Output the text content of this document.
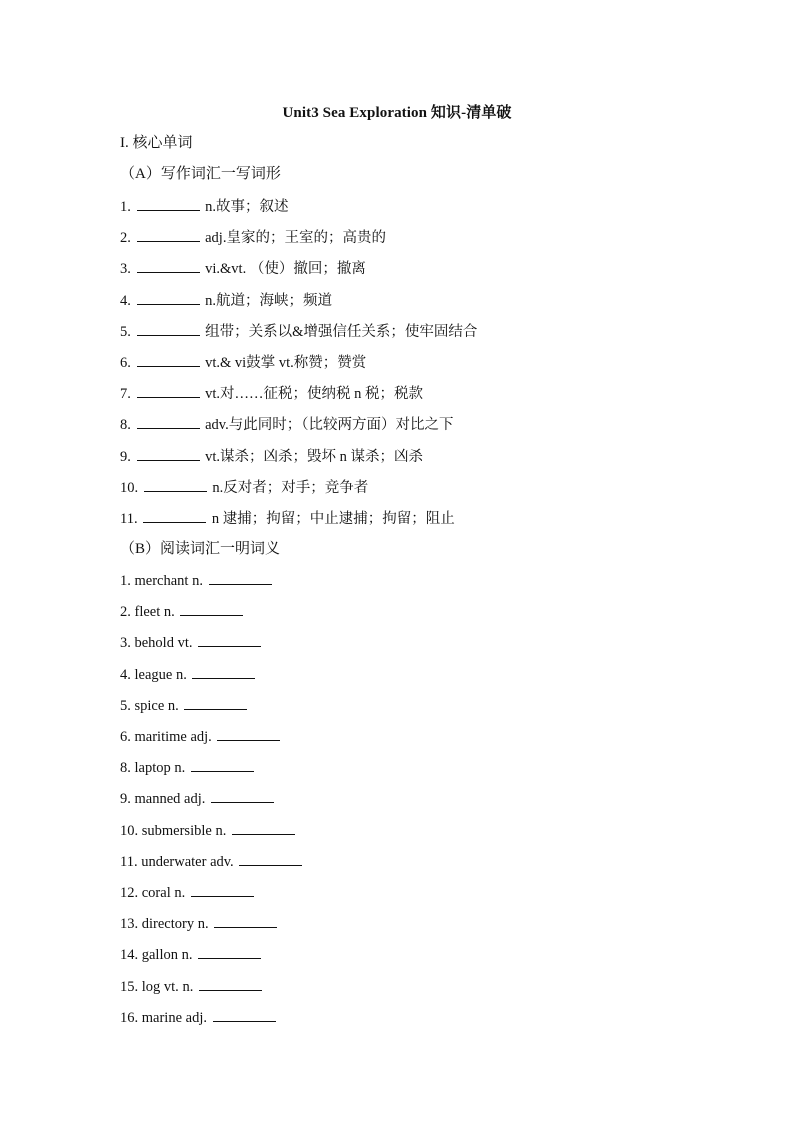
Unit3 Sea Exploration 知识-清单破
I. 核心单词
（A）写作词汇一写词形
1.	n.故事；叙述
2.	adj.皇家的；王室的；高贵的
3.	vi.&vt. （使）撤回；撤离
4.	n.航道；海峡；频道
5.	组带；关系以&增强信任关系；使牢固结合
6.	vt.& vi鼓掌 vt.称赞；赞赏
7.	vt.对……征税；使纳税 n 税；税款
8.	adv.与此同时；（比较两方面）对比之下
9.	vt.谋杀；凶杀；毁坏 n 谋杀；凶杀
10.	n.反对者；对手；竞争者
11.	n 逮捕；拘留；中止逮捕；拘留；阻止
（B）阅读词汇一明词义
1. merchant n.
2. fleet n.
3. behold vt.
4. league n.
5. spice n.
6. maritime adj.
8. laptop n.
9. manned adj.
10. submersible n.
11. underwater adv.
12. coral n.
13. directory n.
14. gallon n.
15. log vt. n.
16. marine adj.
